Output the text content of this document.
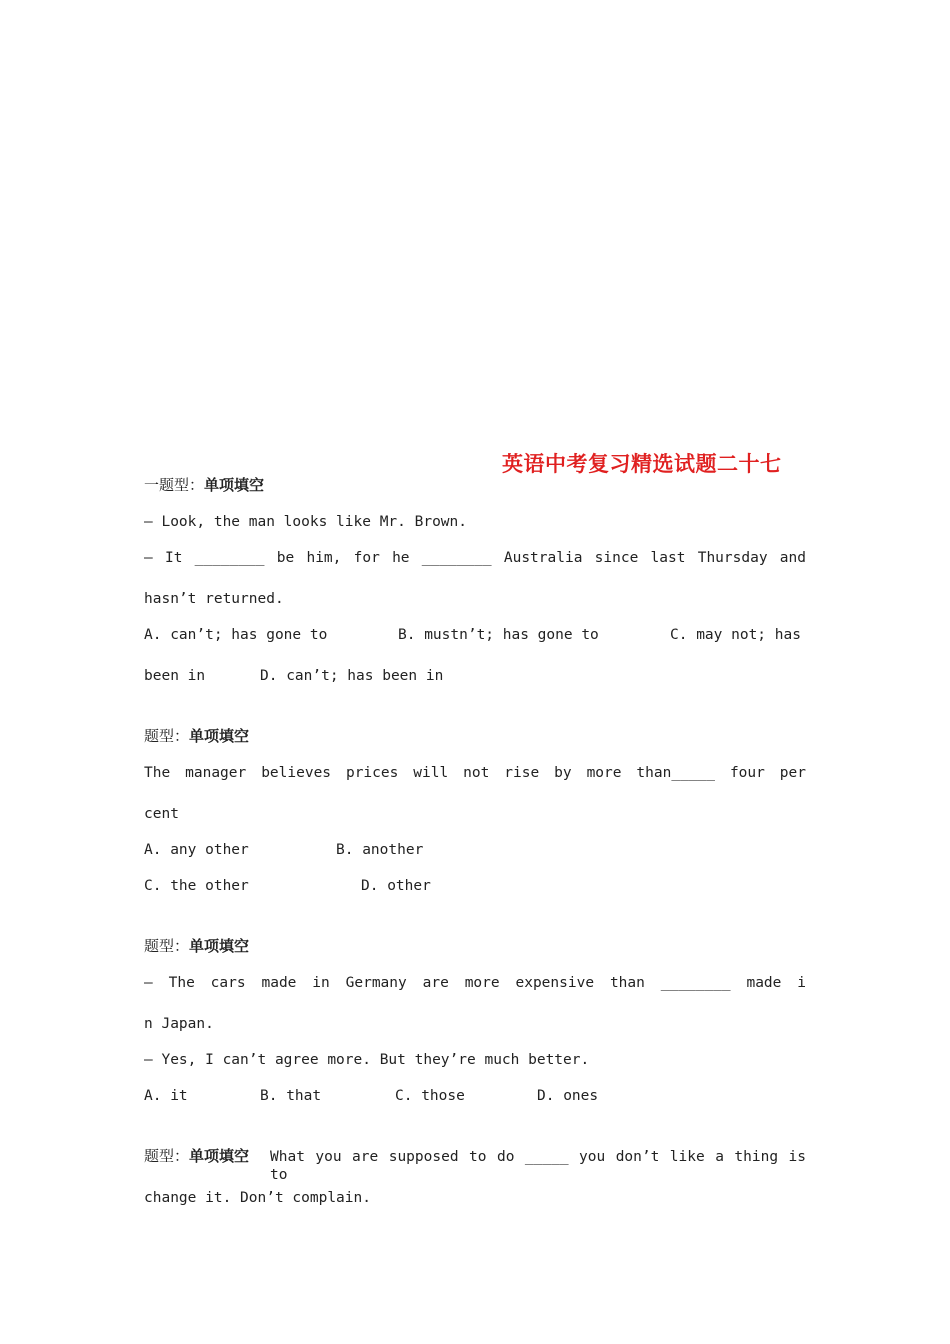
英语中考复习精选试题二十七
一题型：单项填空
— Look, the man looks like Mr. Brown.
— It ________ be him, for he ________ Australia since last Thursday and
hasn’t returned.
A. can’t; has gone to	B. mustn’t; has gone to	C. may not; has
been in	D. can’t; has been in
题型：单项填空
The manager believes prices will not rise by more than_____ four per
cent
A. any other	B. another
C. the other	D. other
题型：单项填空
— The cars made in Germany are more expensive than ________ made i
n Japan.
— Yes, I can’t agree more. But they’re much better.
A. it	B. that	C. those	D. ones
题型：单项填空 What you are supposed to do _____ you don’t like a thing is to
change it. Don’t complain.
